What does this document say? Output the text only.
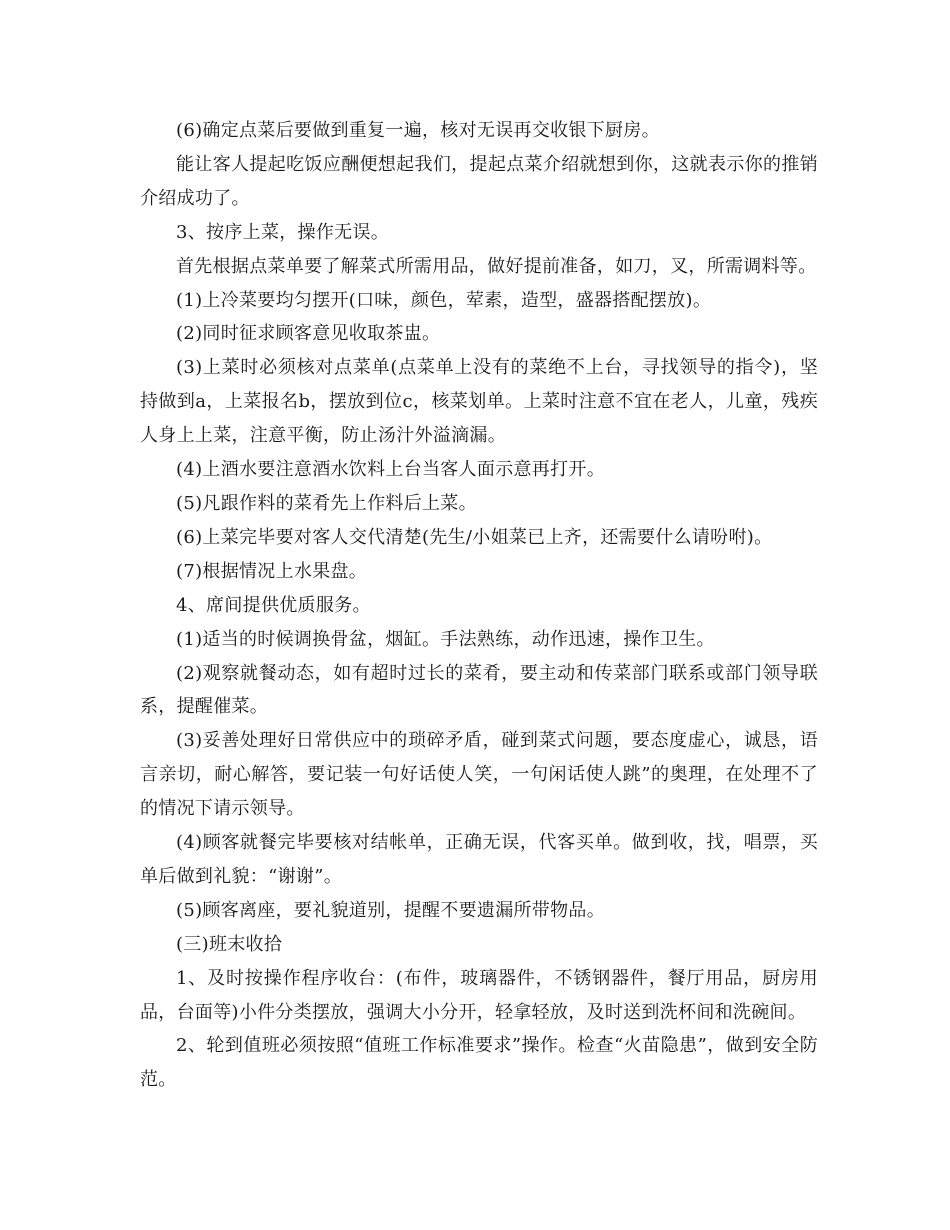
(6)确定点菜后要做到重复一遍，核对无误再交收银下厨房。

能让客人提起吃饭应酬便想起我们，提起点菜介绍就想到你，这就表示你的推销介绍成功了。

3、按序上菜，操作无误。

首先根据点菜单要了解菜式所需用品，做好提前准备，如刀，叉，所需调料等。

(1)上冷菜要均匀摆开(口味，颜色，荤素，造型，盛器搭配摆放)。

(2)同时征求顾客意见收取茶盅。

(3)上菜时必须核对点菜单(点菜单上没有的菜绝不上台，寻找领导的指令)，坚持做到a，上菜报名b，摆放到位c，核菜划单。上菜时注意不宜在老人，儿童，残疾人身上上菜，注意平衡，防止汤汁外溢滴漏。

(4)上酒水要注意酒水饮料上台当客人面示意再打开。

(5)凡跟作料的菜肴先上作料后上菜。

(6)上菜完毕要对客人交代清楚(先生/小姐菜已上齐，还需要什么请吩咐)。

(7)根据情况上水果盘。

4、席间提供优质服务。

(1)适当的时候调换骨盆，烟缸。手法熟练，动作迅速，操作卫生。

(2)观察就餐动态，如有超时过长的菜肴，要主动和传菜部门联系或部门领导联系，提醒催菜。

(3)妥善处理好日常供应中的琐碎矛盾，碰到菜式问题，要态度虚心，诚恳，语言亲切，耐心解答，要记装一句好话使人笑，一句闲话使人跳”的奥理，在处理不了的情况下请示领导。

(4)顾客就餐完毕要核对结帐单，正确无误，代客买单。做到收，找，唱票，买单后做到礼貌：“谢谢”。

(5)顾客离座，要礼貌道别，提醒不要遗漏所带物品。

(三)班末收拾

1、及时按操作程序收台：(布件，玻璃器件，不锈钢器件，餐厅用品，厨房用品，台面等)小件分类摆放，强调大小分开，轻拿轻放，及时送到洗杯间和洗碗间。

2、轮到值班必须按照“值班工作标准要求”操作。检查“火苗隐患”，做到安全防范。
